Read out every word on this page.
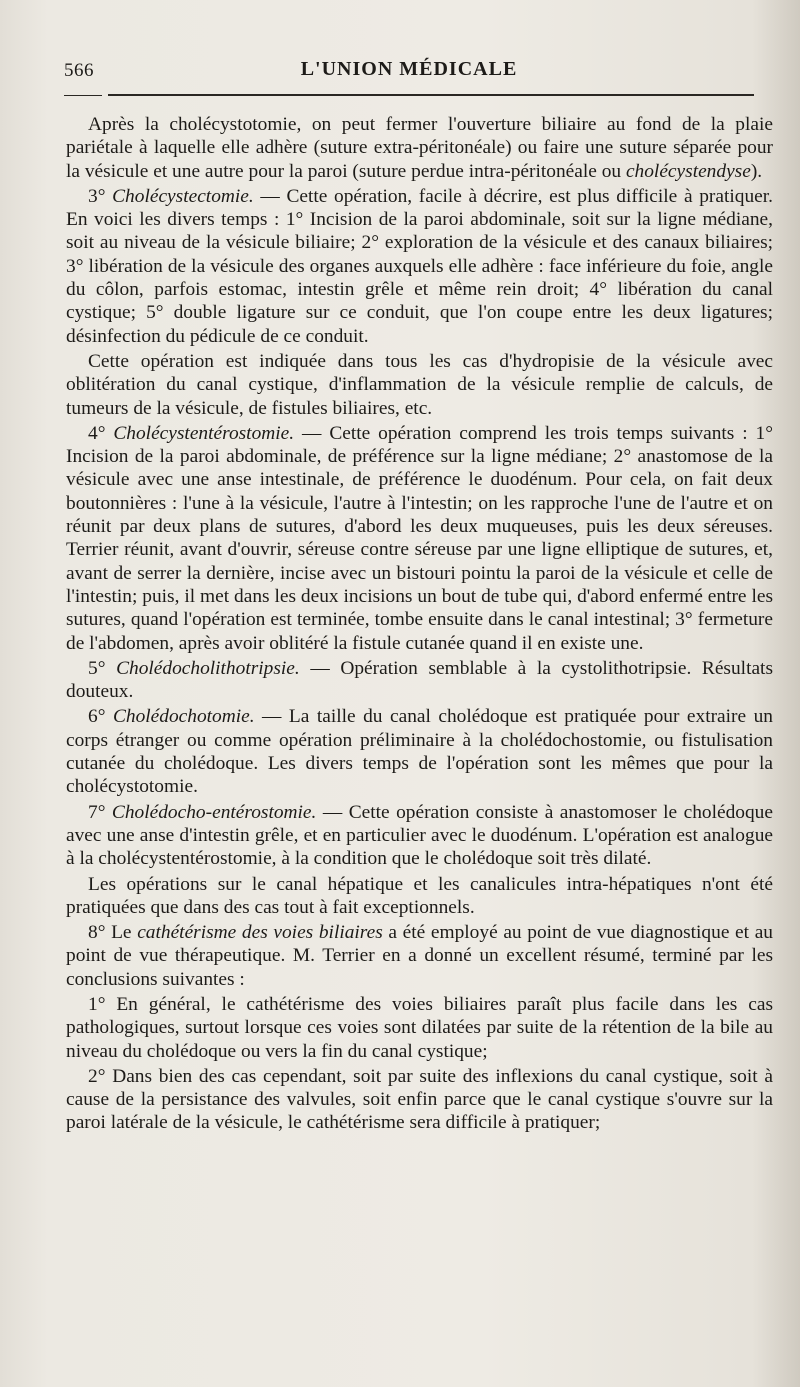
566	L'UNION MÉDICALE

Après la cholécystotomie, on peut fermer l'ouverture biliaire au fond de la plaie pariétale à laquelle elle adhère (suture extra-péritonéale) ou faire une suture séparée pour la vésicule et une autre pour la paroi (suture perdue intra-péritonéale ou cholécystendyse).

3° Cholécystectomie. — Cette opération, facile à décrire, est plus difficile à pratiquer. En voici les divers temps : 1° Incision de la paroi abdominale, soit sur la ligne médiane, soit au niveau de la vésicule biliaire; 2° exploration de la vésicule et des canaux biliaires; 3° libération de la vésicule des organes auxquels elle adhère : face inférieure du foie, angle du côlon, parfois estomac, intestin grêle et même rein droit; 4° libération du canal cystique; 5° double ligature sur ce conduit, que l'on coupe entre les deux ligatures; désinfection du pédicule de ce conduit.

Cette opération est indiquée dans tous les cas d'hydropisie de la vésicule avec oblitération du canal cystique, d'inflammation de la vésicule remplie de calculs, de tumeurs de la vésicule, de fistules biliaires, etc.

4° Cholécystentérostomie. — Cette opération comprend les trois temps suivants : 1° Incision de la paroi abdominale, de préférence sur la ligne médiane; 2° anastomose de la vésicule avec une anse intestinale, de préférence le duodénum. Pour cela, on fait deux boutonnières : l'une à la vésicule, l'autre à l'intestin; on les rapproche l'une de l'autre et on réunit par deux plans de sutures, d'abord les deux muqueuses, puis les deux séreuses. Terrier réunit, avant d'ouvrir, séreuse contre séreuse par une ligne elliptique de sutures, et, avant de serrer la dernière, incise avec un bistouri pointu la paroi de la vésicule et celle de l'intestin; puis, il met dans les deux incisions un bout de tube qui, d'abord enfermé entre les sutures, quand l'opération est terminée, tombe ensuite dans le canal intestinal; 3° fermeture de l'abdomen, après avoir oblitéré la fistule cutanée quand il en existe une.

5° Cholédocholithotripsie. — Opération semblable à la cystolithotripsie. Résultats douteux.

6° Cholédochotomie. — La taille du canal cholédoque est pratiquée pour extraire un corps étranger ou comme opération préliminaire à la cholédochostomie, ou fistulisation cutanée du cholédoque. Les divers temps de l'opération sont les mêmes que pour la cholécystotomie.

7° Cholédocho-entérostomie. — Cette opération consiste à anastomoser le cholédoque avec une anse d'intestin grêle, et en particulier avec le duodénum. L'opération est analogue à la cholécystentérostomie, à la condition que le cholédoque soit très dilaté.

Les opérations sur le canal hépatique et les canalicules intra-hépatiques n'ont été pratiquées que dans des cas tout à fait exceptionnels.

8° Le cathétérisme des voies biliaires a été employé au point de vue diagnostique et au point de vue thérapeutique. M. Terrier en a donné un excellent résumé, terminé par les conclusions suivantes :

1° En général, le cathétérisme des voies biliaires paraît plus facile dans les cas pathologiques, surtout lorsque ces voies sont dilatées par suite de la rétention de la bile au niveau du cholédoque ou vers la fin du canal cystique;

2° Dans bien des cas cependant, soit par suite des inflexions du canal cystique, soit à cause de la persistance des valvules, soit enfin parce que le canal cystique s'ouvre sur la paroi latérale de la vésicule, le cathétérisme sera difficile à pratiquer;
